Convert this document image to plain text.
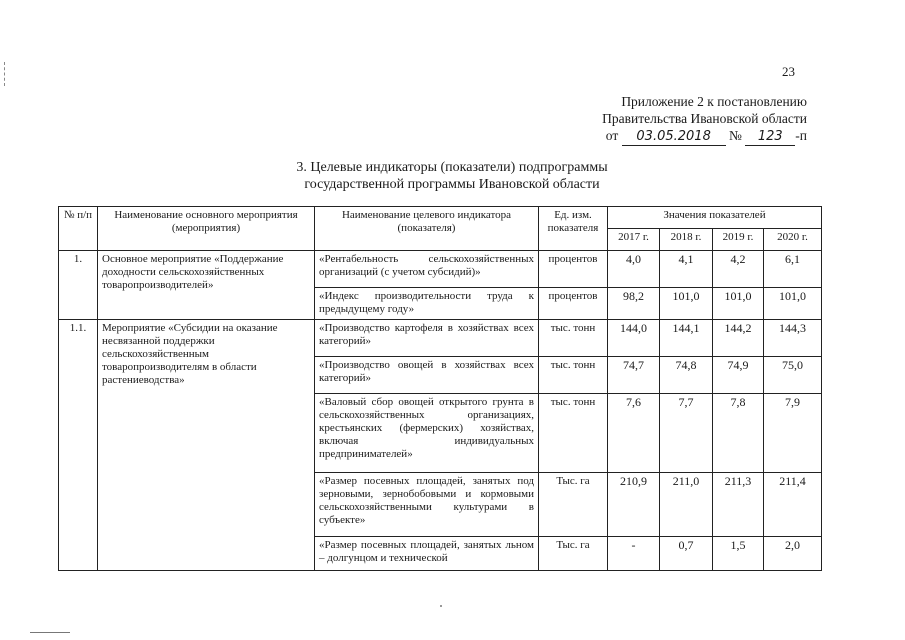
23
Приложение 2 к постановлению
Правительства Ивановской области
от 03.05.2018 № 123 -п
3. Целевые индикаторы (показатели) подпрограммы
государственной программы Ивановской области
№ п/п	Наименование основного мероприятия (мероприятия)	Наименование целевого индикатора (показателя)	Ед. изм. показателя	Значения показателей			
				2017 г.	2018 г.	2019 г.	2020 г.
1.	Основное мероприятие «Поддержание доходности сельскохозяйственных товаропроизводителей»	«Рентабельность сельскохозяйственных организаций (с учетом субсидий)»	процентов	4,0	4,1	4,2	6,1
		«Индекс производительности труда к предыдущему году»	процентов	98,2	101,0	101,0	101,0
1.1.	Мероприятие «Субсидии на оказание несвязанной поддержки сельскохозяйственным товаропроизводителям в области растениеводства»	«Производство картофеля в хозяйствах всех категорий»	тыс. тонн	144,0	144,1	144,2	144,3
		«Производство овощей в хозяйствах всех категорий»	тыс. тонн	74,7	74,8	74,9	75,0
		«Валовый сбор овощей открытого грунта в сельскохозяйственных организациях, крестьянских (фермерских) хозяйствах, включая индивидуальных предпринимателей»	тыс. тонн	7,6	7,7	7,8	7,9
		«Размер посевных площадей, занятых под зерновыми, зернобобовыми и кормовыми сельскохозяйственными культурами в субъекте»	Тыс. га	210,9	211,0	211,3	211,4
		«Размер посевных площадей, занятых льном – долгунцом и технической	Тыс. га	-	0,7	1,5	2,0
